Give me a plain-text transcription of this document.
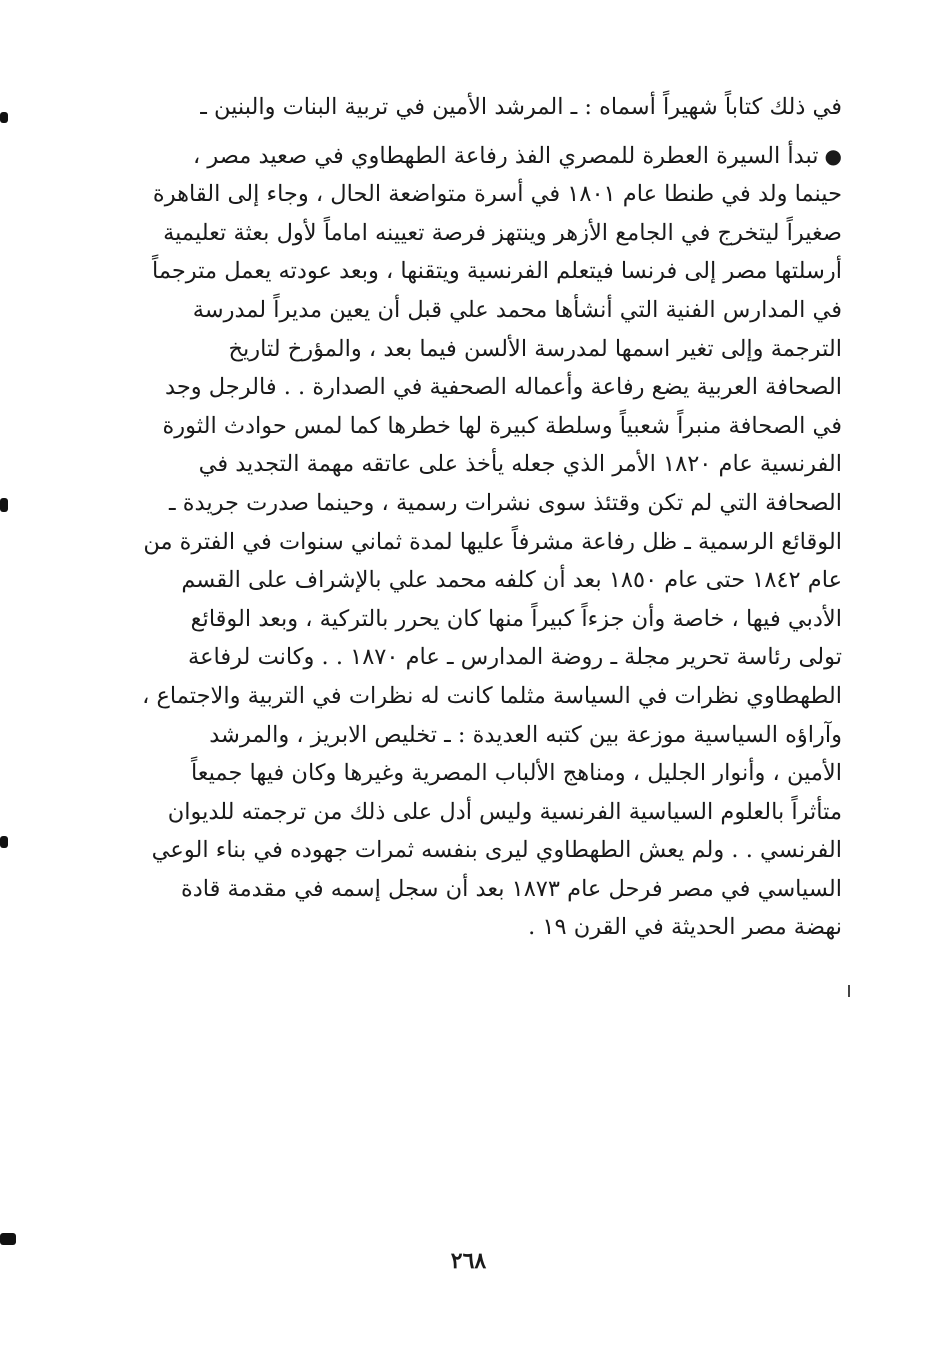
في ذلك كتاباً شهيراً أسماه : ـ المرشد الأمين في تربية البنات والبنين ـ
●تبدأ السيرة العطرة للمصري الفذ رفاعة الطهطاوي في صعيد مصر ،
حينما ولد في طنطا عام ١٨٠١ في أسرة متواضعة الحال ، وجاء إلى القاهرة
صغيراً ليتخرج في الجامع الأزهر وينتهز فرصة تعيينه اماماً لأول بعثة تعليمية
أرسلتها مصر إلى فرنسا فيتعلم الفرنسية ويتقنها ، وبعد عودته يعمل مترجماً
في المدارس الفنية التي أنشأها محمد علي قبل أن يعين مديراً لمدرسة
الترجمة وإلى تغير اسمها لمدرسة الألسن فيما بعد ، والمؤرخ لتاريخ
الصحافة العربية يضع رفاعة وأعماله الصحفية في الصدارة . . فالرجل وجد
في الصحافة منبراً شعبياً وسلطة كبيرة لها خطرها كما لمس حوادث الثورة
الفرنسية عام ١٨٢٠ الأمر الذي جعله يأخذ على عاتقه مهمة التجديد في
الصحافة التي لم تكن وقتئذ سوى نشرات رسمية ، وحينما صدرت جريدة ـ
الوقائع الرسمية ـ ظل رفاعة مشرفاً عليها لمدة ثماني سنوات في الفترة من
عام ١٨٤٢ حتى عام ١٨٥٠ بعد أن كلفه محمد علي بالإشراف على القسم
الأدبي فيها ، خاصة وأن جزءاً كبيراً منها كان يحرر بالتركية ، وبعد الوقائع
تولى رئاسة تحرير مجلة ـ روضة المدارس ـ عام ١٨٧٠ . . وكانت لرفاعة
الطهطاوي نظرات في السياسة مثلما كانت له نظرات في التربية والاجتماع ،
وآراؤه السياسية موزعة بين كتبه العديدة : ـ تخليص الابريز ، والمرشد
الأمين ، وأنوار الجليل ، ومناهج الألباب المصرية وغيرها وكان فيها جميعاً
متأثراً بالعلوم السياسية الفرنسية وليس أدل على ذلك من ترجمته للديوان
الفرنسي . . ولم يعش الطهطاوي ليرى بنفسه ثمرات جهوده في بناء الوعي
السياسي في مصر فرحل عام ١٨٧٣ بعد أن سجل إسمه في مقدمة قادة
نهضة مصر الحديثة في القرن ١٩ .
٢٦٨
